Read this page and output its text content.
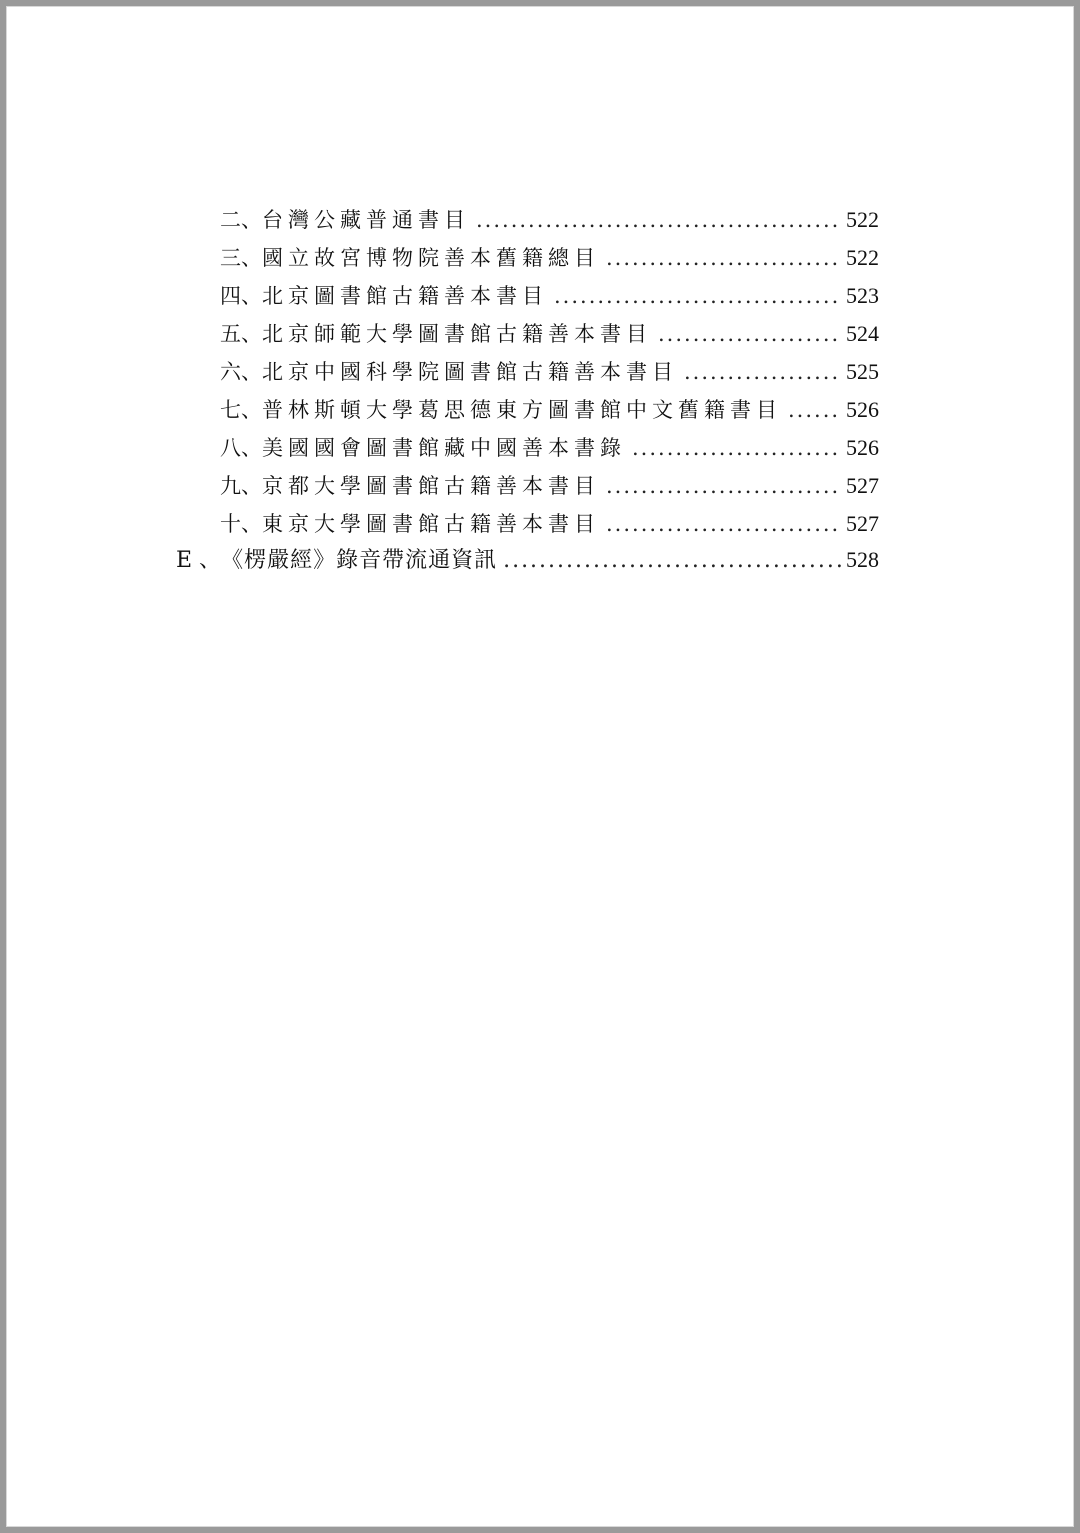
二、 台灣公藏普通書目 .....	522
三、 國立故宮博物院善本舊籍總目 .....	522
四、 北京圖書館古籍善本書目 .....	523
五、 北京師範大學圖書館古籍善本書目 .....	524
六、 北京中國科學院圖書館古籍善本書目 .....	525
七、 普林斯頓大學葛思德東方圖書館中文舊籍書目 .....	526
八、 美國國會圖書館藏中國善本書錄 .....	526
九、 京都大學圖書館古籍善本書目 .....	527
十、 東京大學圖書館古籍善本書目 .....	527
E 、 《楞嚴經》錄音帶流通資訊 .....	528
